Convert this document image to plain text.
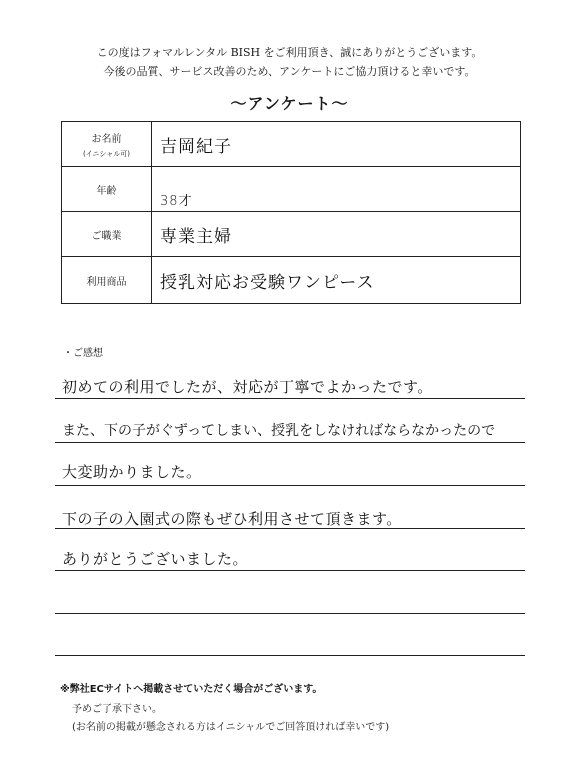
この度はフォマルレンタル BISH をご利用頂き、誠にありがとうございます。
今後の品質、サービス改善のため、アンケートにご協力頂けると幸いです。
〜アンケート〜
お名前
(イニシャル可) 吉岡紀子
年齢
38才
ご職業 専業主婦
利用商品 授乳対応お受験ワンピース
・ご感想
初めての利用でしたが、対応が丁寧でよかったです。
また、下の子がぐずってしまい、授乳をしなければならなかったので
大変助かりました。
下の子の入園式の際もぜひ利用させて頂きます。
ありがとうございました。
※弊社ECサイトへ掲載させていただく場合がございます。
予めご了承下さい。
(お名前の掲載が懸念される方はイニシャルでご回答頂ければ幸いです)
